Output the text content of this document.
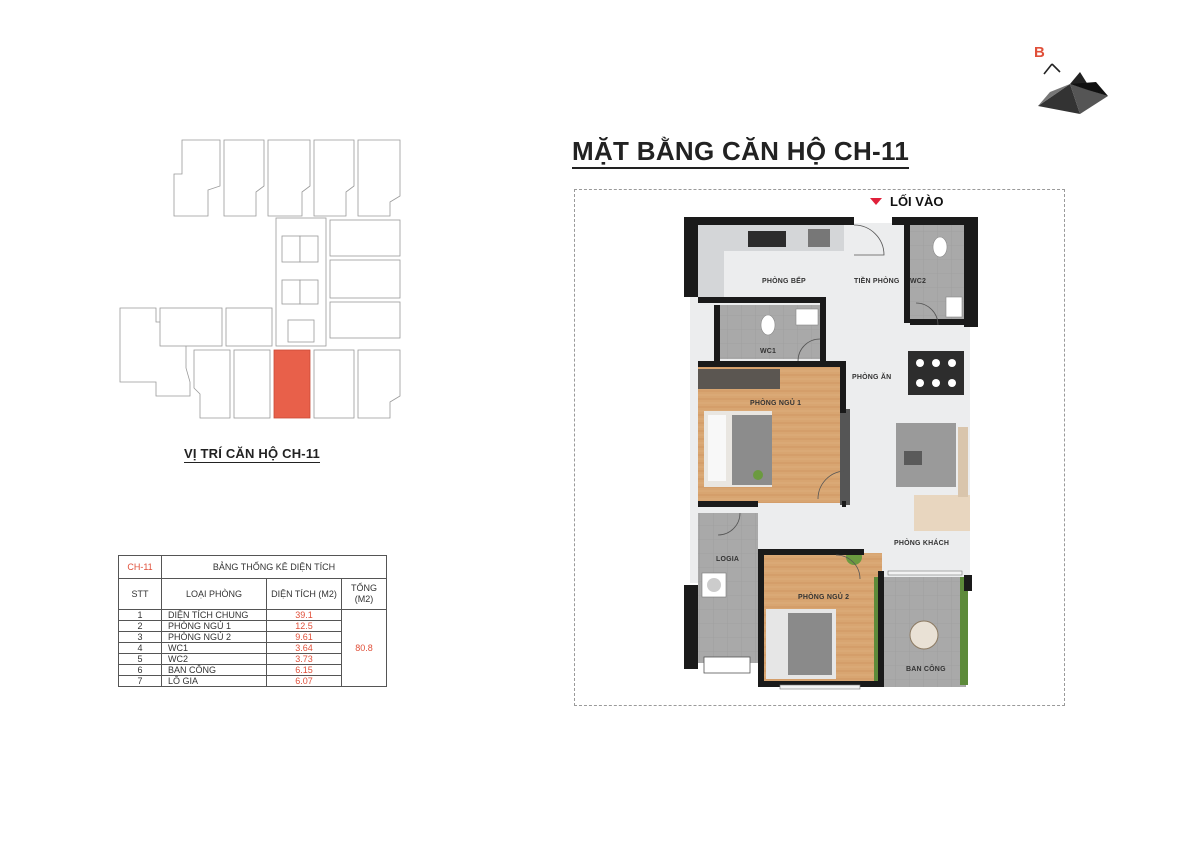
B
MẶT BẰNG CĂN HỘ CH-11
VỊ TRÍ CĂN HỘ CH-11
CH-11	BẢNG THỐNG KÊ DIỆN TÍCH		
STT	LOẠI PHÒNG	DIỆN TÍCH (M2)	TỔNG (M2)
1	DIỆN TÍCH CHUNG	39.1	80.8
2	PHÒNG NGỦ 1	12.5	
3	PHÒNG NGỦ 2	9.61	
4	WC1	3.64	
5	WC2	3.73	
6	BAN CÔNG	6.15	
7	LÔ GIA	6.07	
LỐI VÀO
PHÒNG BẾP	TIỀN PHÒNG WC2
WC1
PHÒNG ĂN
PHÒNG NGỦ 1
PHÒNG KHÁCH
LOGIA
PHÒNG NGỦ 2
BAN CÔNG
